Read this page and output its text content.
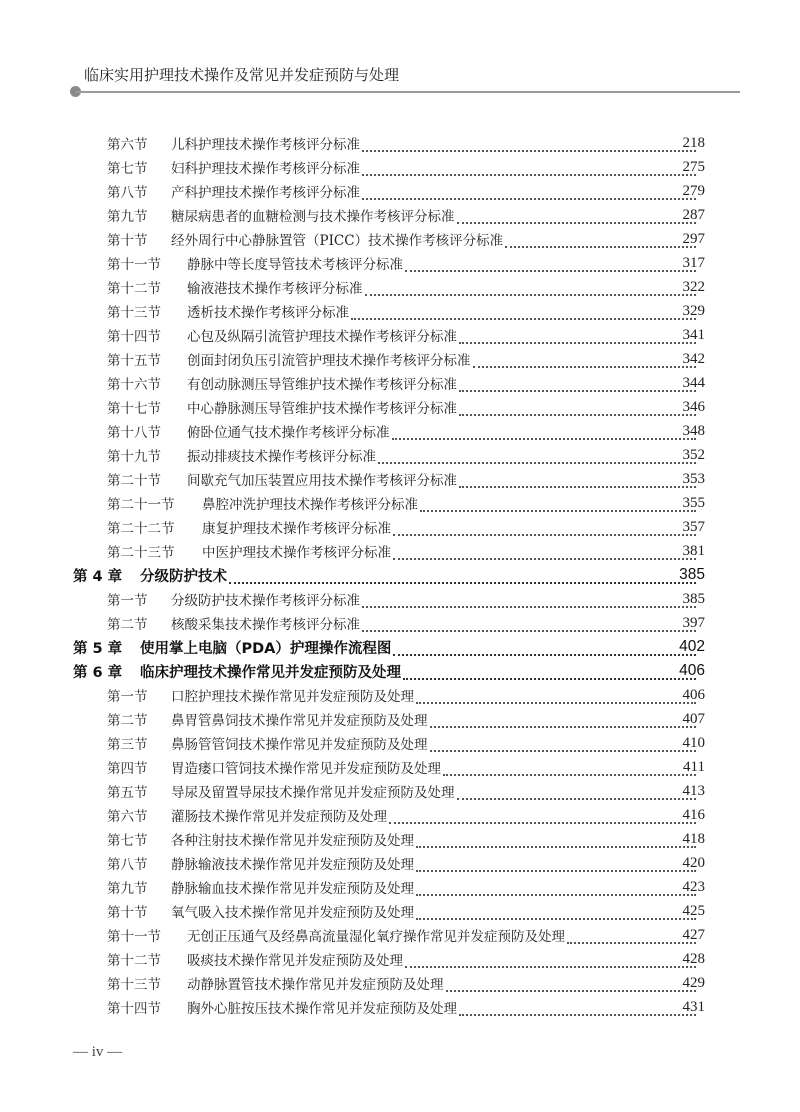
临床实用护理技术操作及常见并发症预防与处理
第六节 儿科护理技术操作考核评分标准	218
第七节 妇科护理技术操作考核评分标准	275
第八节 产科护理技术操作考核评分标准	279
第九节 糖尿病患者的血糖检测与技术操作考核评分标准	287
第十节 经外周行中心静脉置管（PICC）技术操作考核评分标准	297
第十一节 静脉中等长度导管技术考核评分标准	317
第十二节 输液港技术操作考核评分标准	322
第十三节 透析技术操作考核评分标准	329
第十四节 心包及纵隔引流管护理技术操作考核评分标准	341
第十五节 创面封闭负压引流管护理技术操作考核评分标准	342
第十六节 有创动脉测压导管维护技术操作考核评分标准	344
第十七节 中心静脉测压导管维护技术操作考核评分标准	346
第十八节 俯卧位通气技术操作考核评分标准	348
第十九节 振动排痰技术操作考核评分标准	352
第二十节 间歇充气加压装置应用技术操作考核评分标准	353
第二十一节 鼻腔冲洗护理技术操作考核评分标准	355
第二十二节 康复护理技术操作考核评分标准	357
第二十三节 中医护理技术操作考核评分标准	381
第 4 章 分级防护技术	385
第一节 分级防护技术操作考核评分标准	385
第二节 核酸采集技术操作考核评分标准	397
第 5 章 使用掌上电脑（PDA）护理操作流程图	402
第 6 章 临床护理技术操作常见并发症预防及处理	406
第一节 口腔护理技术操作常见并发症预防及处理	406
第二节 鼻胃管鼻饲技术操作常见并发症预防及处理	407
第三节 鼻肠管管饲技术操作常见并发症预防及处理	410
第四节 胃造瘘口管饲技术操作常见并发症预防及处理	411
第五节 导尿及留置导尿技术操作常见并发症预防及处理	413
第六节 灌肠技术操作常见并发症预防及处理	416
第七节 各种注射技术操作常见并发症预防及处理	418
第八节 静脉输液技术操作常见并发症预防及处理	420
第九节 静脉输血技术操作常见并发症预防及处理	423
第十节 氧气吸入技术操作常见并发症预防及处理	425
第十一节 无创正压通气及经鼻高流量湿化氧疗操作常见并发症预防及处理	427
第十二节 吸痰技术操作常见并发症预防及处理	428
第十三节 动静脉置管技术操作常见并发症预防及处理	429
第十四节 胸外心脏按压技术操作常见并发症预防及处理	431
— iv —
